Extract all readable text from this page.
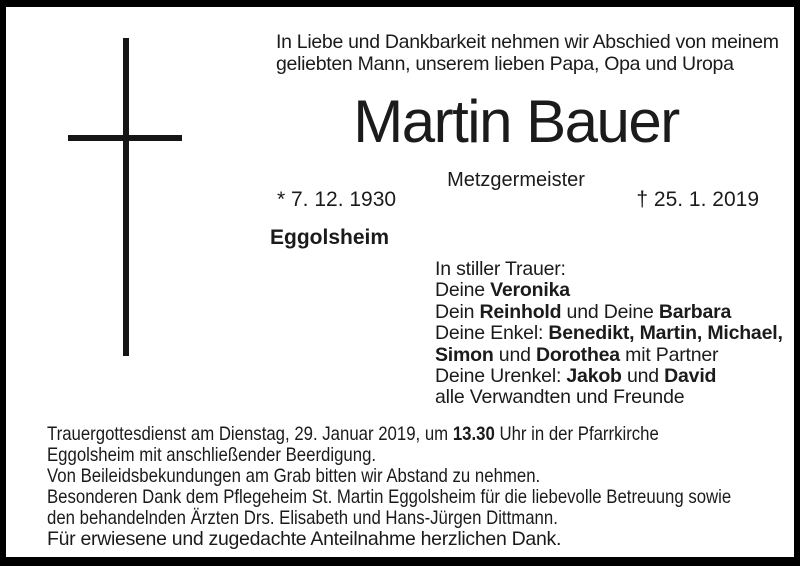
In Liebe und Dankbarkeit nehmen wir Abschied von meinem
geliebten Mann, unserem lieben Papa, Opa und Uropa
Martin Bauer
Metzgermeister
* 7. 12. 1930	† 25. 1. 2019
Eggolsheim
In stiller Trauer:
Deine Veronika
Dein Reinhold und Deine Barbara
Deine Enkel: Benedikt, Martin, Michael,
Simon und Dorothea mit Partner
Deine Urenkel: Jakob und David
alle Verwandten und Freunde
Trauergottesdienst am Dienstag, 29. Januar 2019, um 13.30 Uhr in der Pfarrkirche
Eggolsheim mit anschließender Beerdigung.
Von Beileidsbekundungen am Grab bitten wir Abstand zu nehmen.
Besonderen Dank dem Pflegeheim St. Martin Eggolsheim für die liebevolle Betreuung sowie
den behandelnden Ärzten Drs. Elisabeth und Hans-Jürgen Dittmann.
Für erwiesene und zugedachte Anteilnahme herzlichen Dank.
